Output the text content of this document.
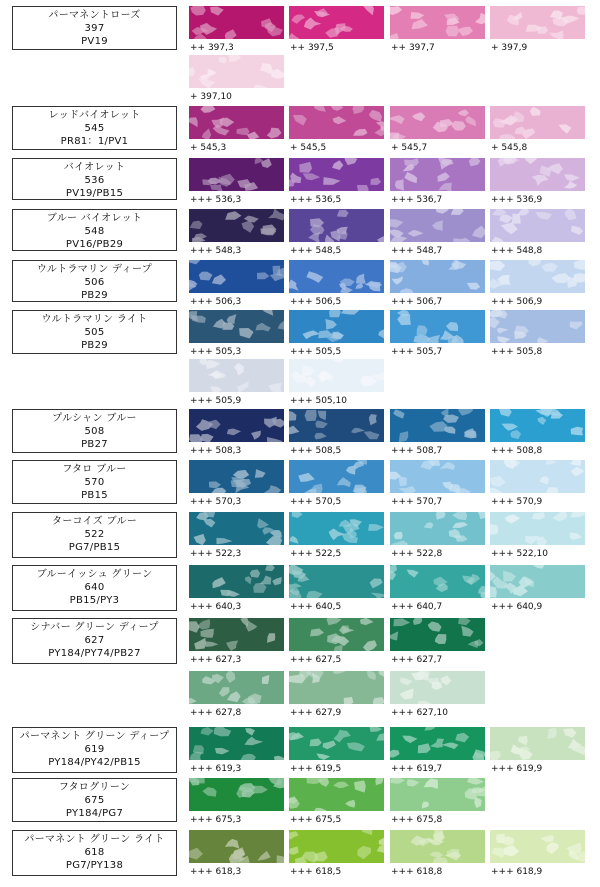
パーマネントローズ
397
PV19
++ 397,3	++ 397,5	++ 397,7	+ 397,9
+ 397,10
レッドバイオレット
545
PR81：1/PV1
+ 545,3	+ 545,5	+ 545,7	+ 545,8
バイオレット
536
PV19/PB15
+++ 536,3	+++ 536,5	+++ 536,7	+++ 536,9
ブルー バイオレット
548
PV16/PB29
+++ 548,3	+++ 548,5	+++ 548,7	+++ 548,8
ウルトラマリン ディープ
506
PB29
+++ 506,3	+++ 506,5	+++ 506,7	+++ 506,9
ウルトラマリン ライト
505
PB29
+++ 505,3	+++ 505,5	+++ 505,7	+++ 505,8
+++ 505,9	+++ 505,10
プルシャン ブルー
508
PB27
+++ 508,3	+++ 508,5	+++ 508,7	+++ 508,8
フタロ ブルー
570
PB15
+++ 570,3	+++ 570,5	+++ 570,7	+++ 570,9
ターコイズ ブルー
522
PG7/PB15
+++ 522,3	+++ 522,5	+++ 522,8	+++ 522,10
ブルーイッシュ グリーン
640
PB15/PY3
+++ 640,3	+++ 640,5	+++ 640,7	+++ 640,9
シナバー グリーン ディープ
627
PY184/PY74/PB27
+++ 627,3	+++ 627,5	+++ 627,7
+++ 627,8	+++ 627,9	+++ 627,10
パーマネント グリーン ディープ
619
PY184/PY42/PB15
+++ 619,3	+++ 619,5	+++ 619,7	+++ 619,9
フタログリーン
675
PY184/PG7
+++ 675,3	+++ 675,5	+++ 675,8
パーマネント グリーン ライト
618
PG7/PY138
+++ 618,3	+++ 618,5	+++ 618,8	+++ 618,9
